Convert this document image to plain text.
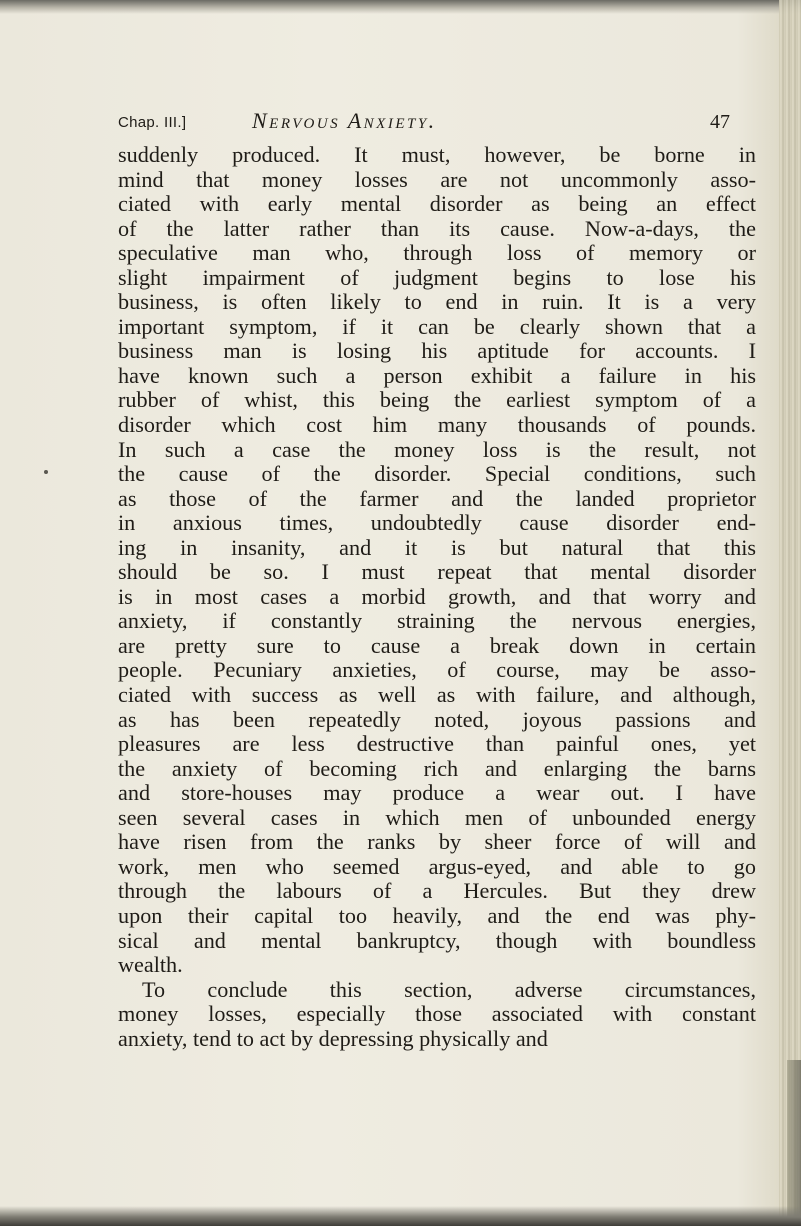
Chap. III.]	Nervous Anxiety.	47
suddenly produced. It must, however, be borne in
mind that money losses are not uncommonly asso-
ciated with early mental disorder as being an effect
of the latter rather than its cause. Now-a-days, the
speculative man who, through loss of memory or
slight impairment of judgment begins to lose his
business, is often likely to end in ruin. It is a very
important symptom, if it can be clearly shown that a
business man is losing his aptitude for accounts. I
have known such a person exhibit a failure in his
rubber of whist, this being the earliest symptom of a
disorder which cost him many thousands of pounds.
In such a case the money loss is the result, not
the cause of the disorder. Special conditions, such
as those of the farmer and the landed proprietor
in anxious times, undoubtedly cause disorder end-
ing in insanity, and it is but natural that this
should be so. I must repeat that mental disorder
is in most cases a morbid growth, and that worry and
anxiety, if constantly straining the nervous energies,
are pretty sure to cause a break down in certain
people. Pecuniary anxieties, of course, may be asso-
ciated with success as well as with failure, and although,
as has been repeatedly noted, joyous passions and
pleasures are less destructive than painful ones, yet
the anxiety of becoming rich and enlarging the barns
and store-houses may produce a wear out. I have
seen several cases in which men of unbounded energy
have risen from the ranks by sheer force of will and
work, men who seemed argus-eyed, and able to go
through the labours of a Hercules. But they drew
upon their capital too heavily, and the end was phy-
sical and mental bankruptcy, though with boundless
wealth.
To conclude this section, adverse circumstances,
money losses, especially those associated with constant
anxiety, tend to act by depressing physically and
